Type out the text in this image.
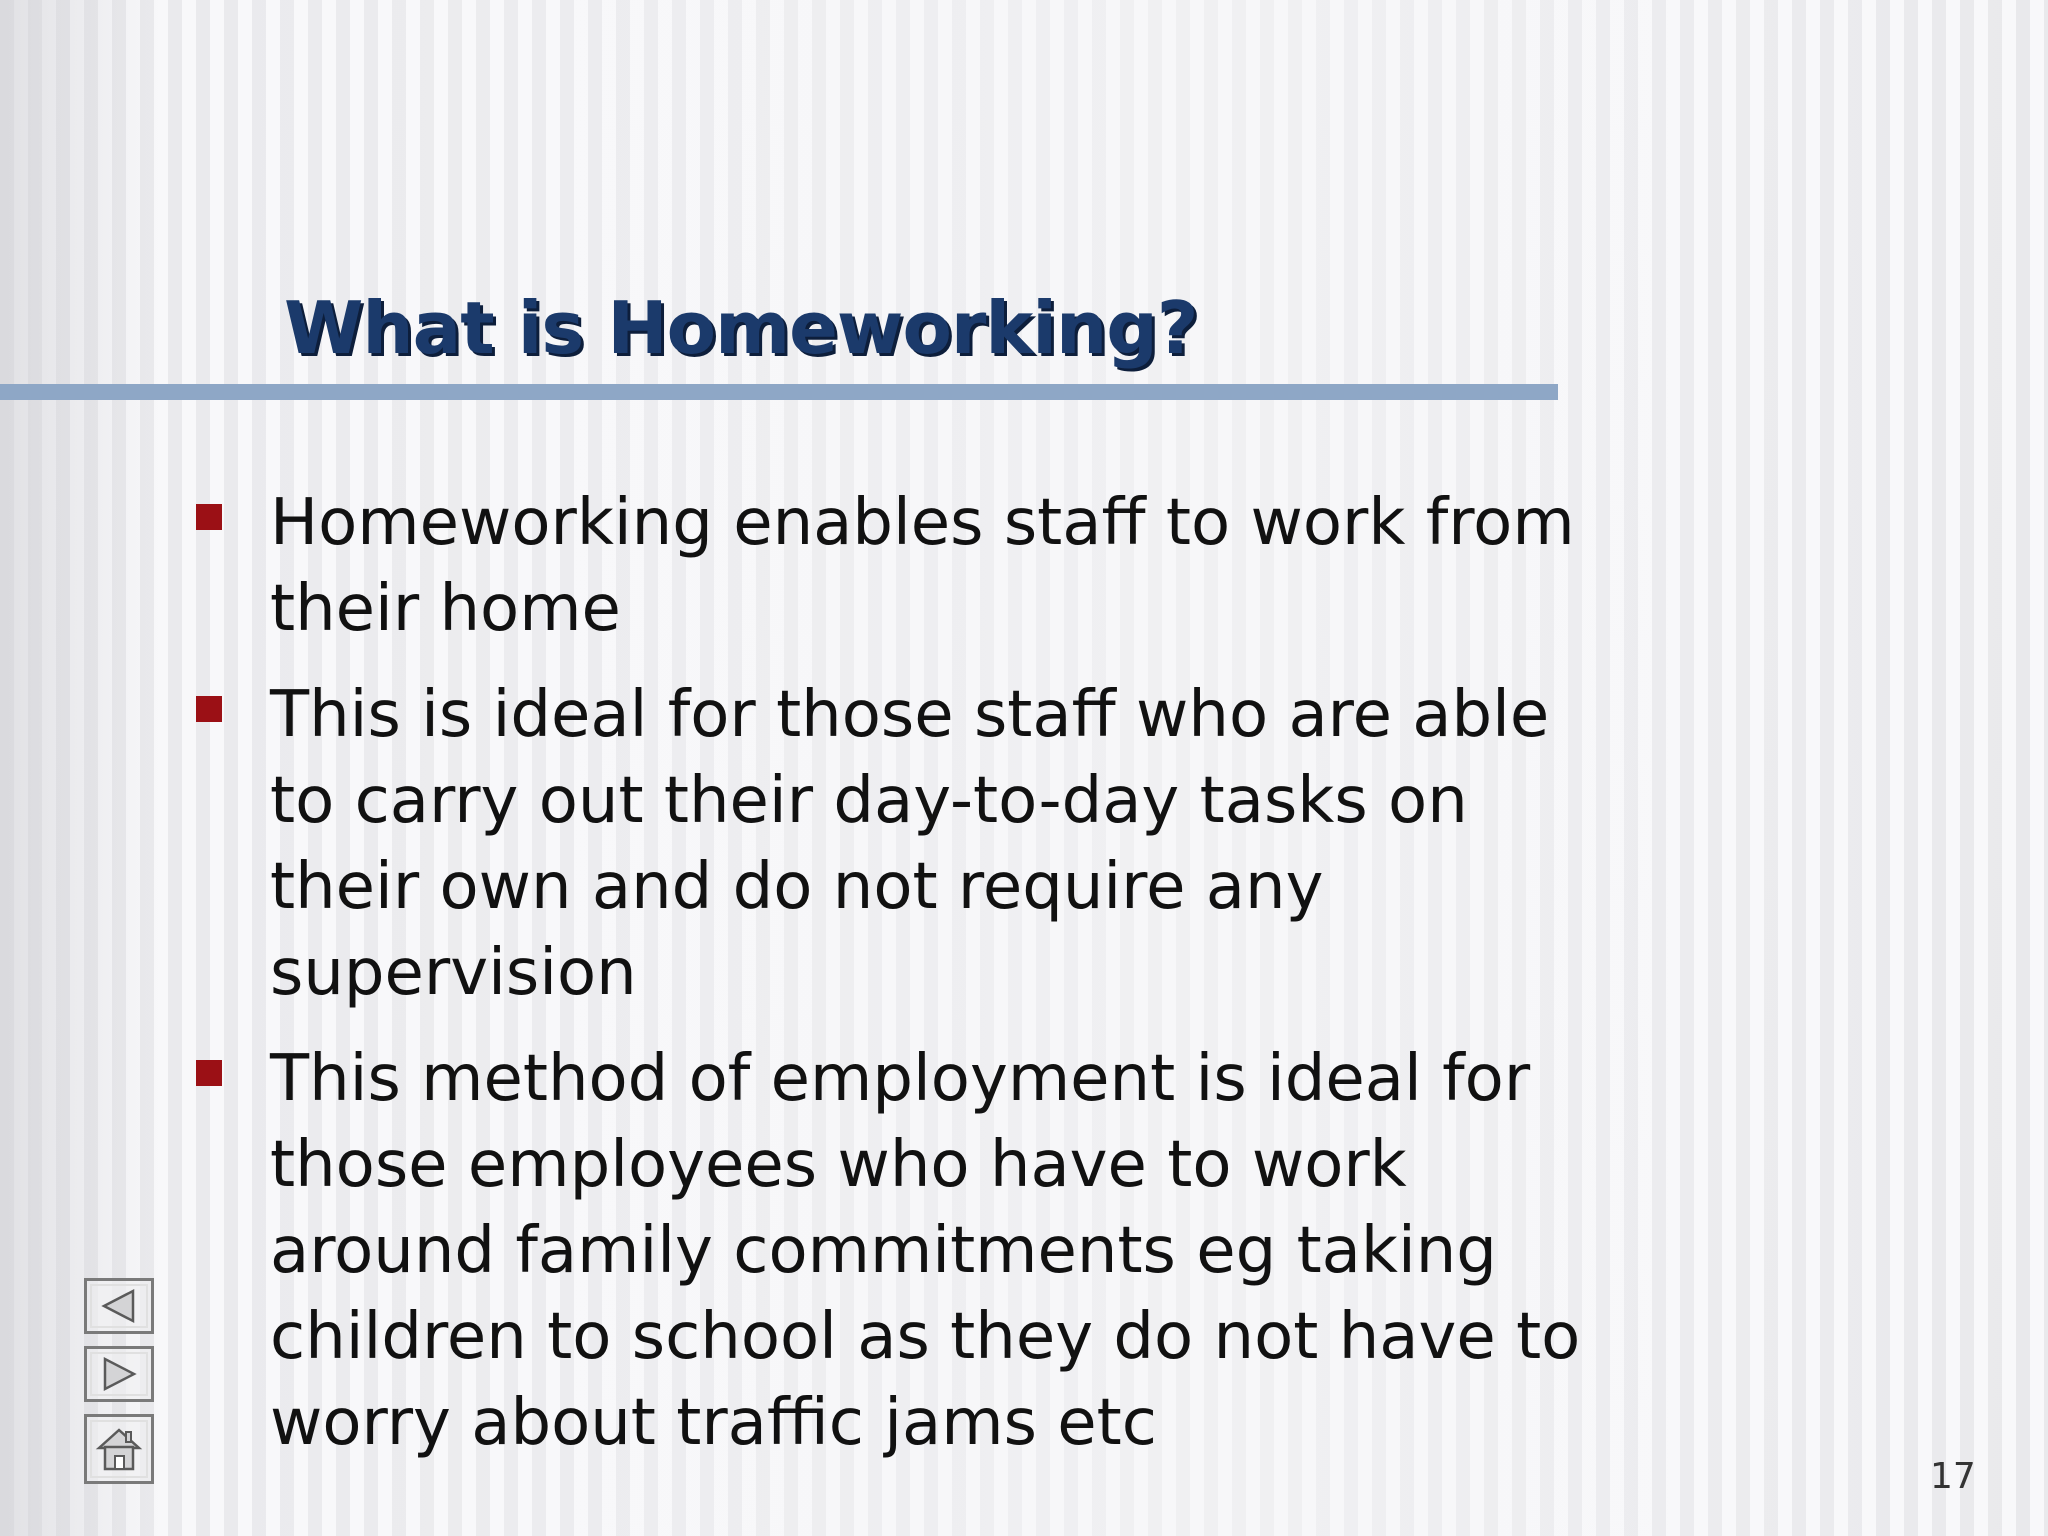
What is Homeworking?
Homeworking enables staff to work from their home
This is ideal for those staff who are able to carry out their day-to-day tasks on their own and do not require any supervision
This method of employment is ideal for those employees who have to work around family commitments eg taking children to school as they do not have to worry about traffic jams etc
17
